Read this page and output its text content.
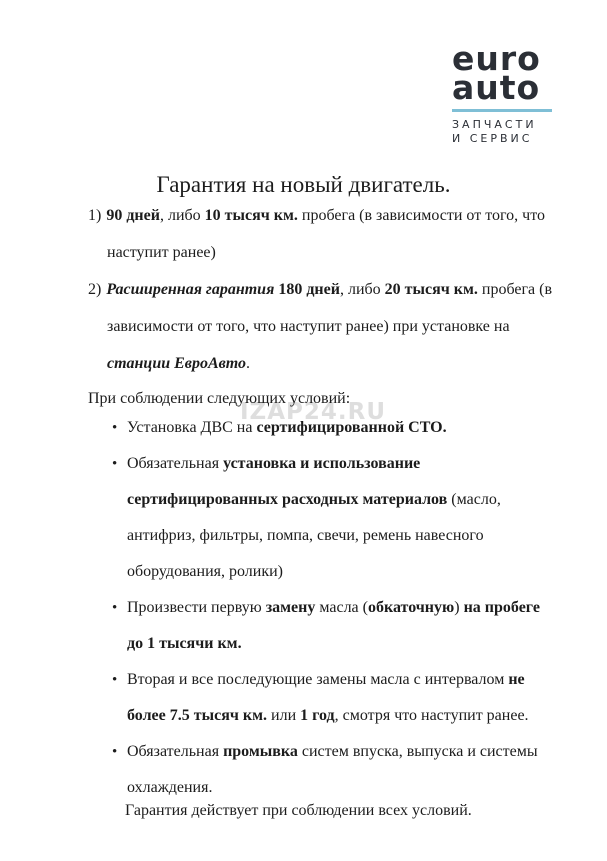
IZAP24.RU
euro
auto
ЗАПЧАСТИ
И СЕРВИС
Гарантия на новый двигатель.
1) 90 дней, либо 10 тысяч км. пробега (в зависимости от того, что наступит ранее)
2) Расширенная гарантия 180 дней, либо 20 тысяч км. пробега (в зависимости от того, что наступит ранее) при установке на станции ЕвроАвто.
При соблюдении следующих условий:
• Установка ДВС на сертифицированной СТО.
• Обязательная установка и использование сертифицированных расходных материалов (масло, антифриз, фильтры, помпа, свечи, ремень навесного оборудования, ролики)
• Произвести первую замену масла (обкаточную) на пробеге до 1 тысячи км.
• Вторая и все последующие замены масла с интервалом не более 7.5 тысяч км. или 1 год, смотря что наступит ранее.
• Обязательная промывка систем впуска, выпуска и системы охлаждения.
Гарантия действует при соблюдении всех условий.
